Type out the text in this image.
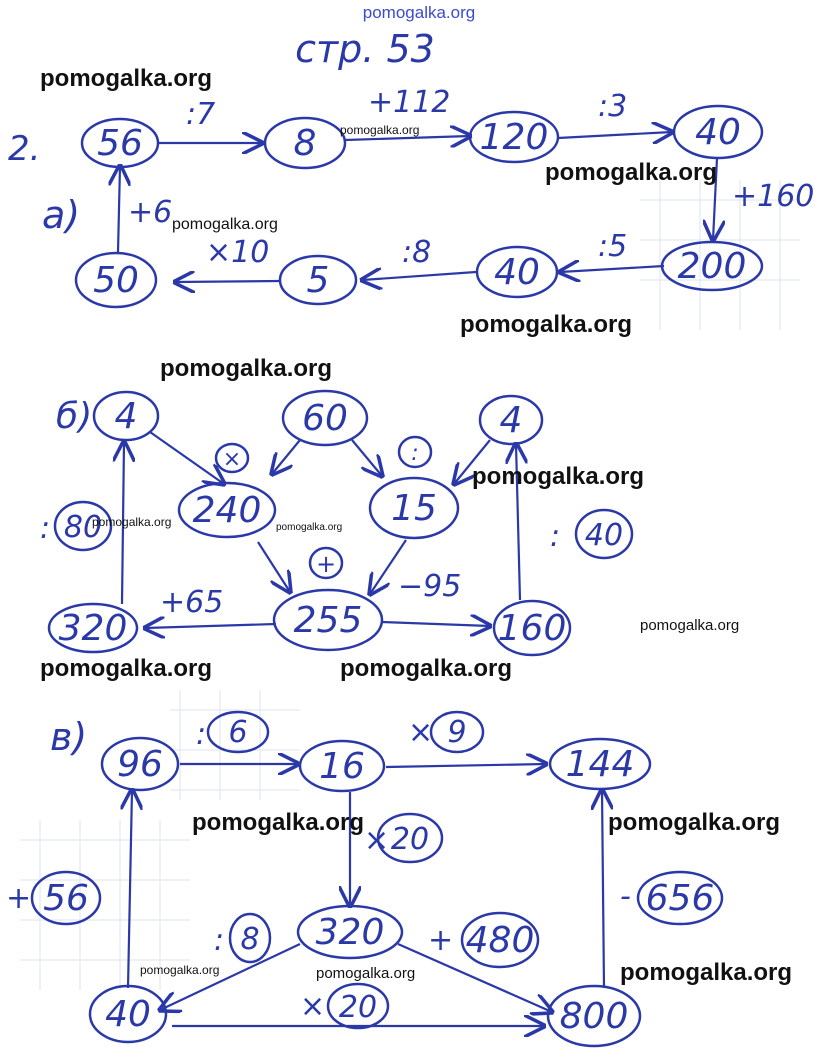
pomogalka.org
стр. 53
2.
а)
56	8	120	40
200
40
5
50
:7	+112	:3
+160
:5
:8
×10
+6
б) 4	60	4
240	15
80	40
320	255	160
×	:
+
:	:
+65	−95
в)
96	16	144
56
320 480
656
40	800
8
6	9
20
20
:	×
×
+
:	+
-
×
pomogalka.org
pomogalka.org
pomogalka.org
pomogalka.org
pomogalka.org
pomogalka.org
pomogalka.org
pomogalka.org	pomogalka.org
pomogalka.org
pomogalka.org	pomogalka.org
pomogalka.org	pomogalka.org
pomogalka.org
pomogalka.org	pomogalka.org
